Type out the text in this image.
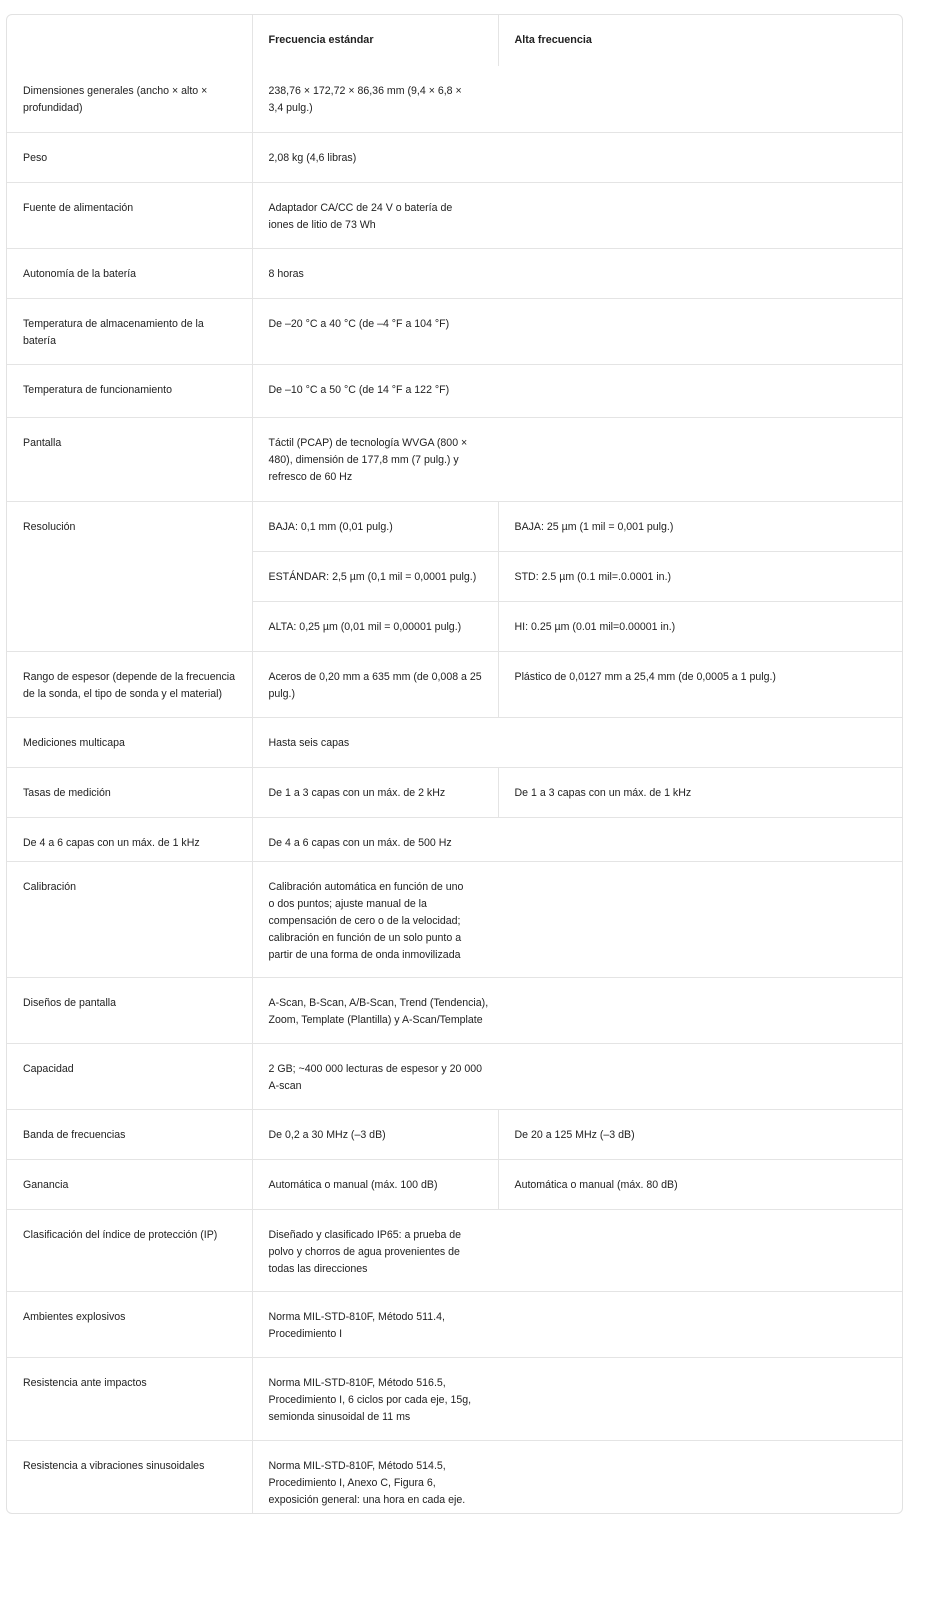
	Frecuencia estándar	Alta frecuencia
Dimensiones generales (ancho × alto × profundidad)	238,76 × 172,72 × 86,36 mm (9,4 × 6,8 × 3,4 pulg.)	
Peso	2,08 kg (4,6 libras)	
Fuente de alimentación	Adaptador CA/CC de 24 V o batería de iones de litio de 73 Wh	
Autonomía de la batería	8 horas	
Temperatura de almacenamiento de la batería	De –20 °C a 40 °C (de –4 °F a 104 °F)	
Temperatura de funcionamiento	De –10 °C a 50 °C (de 14 °F a 122 °F)	
Pantalla	Táctil (PCAP) de tecnología WVGA (800 × 480), dimensión de 177,8 mm (7 pulg.) y refresco de 60 Hz	
Resolución	BAJA: 0,1 mm (0,01 pulg.)	BAJA: 25 µm (1 mil = 0,001 pulg.)
	ESTÁNDAR: 2,5 µm (0,1 mil = 0,0001 pulg.)	STD: 2.5 µm (0.1 mil=.0.0001 in.)
	ALTA: 0,25 µm (0,01 mil = 0,00001 pulg.)	HI: 0.25 µm (0.01 mil=0.00001 in.)
Rango de espesor (depende de la frecuencia de la sonda, el tipo de sonda y el material)	Aceros de 0,20 mm a 635 mm (de 0,008 a 25 pulg.)	Plástico de 0,0127 mm a 25,4 mm (de 0,0005 a 1 pulg.)
Mediciones multicapa	Hasta seis capas	
Tasas de medición	De 1 a 3 capas con un máx. de 2 kHz	De 1 a 3 capas con un máx. de 1 kHz
De 4 a 6 capas con un máx. de 1 kHz	De 4 a 6 capas con un máx. de 500 Hz	
Calibración	Calibración automática en función de uno o dos puntos; ajuste manual de la compensación de cero o de la velocidad; calibración en función de un solo punto a partir de una forma de onda inmovilizada	
Diseños de pantalla	A-Scan, B-Scan, A/B-Scan, Trend (Tendencia), Zoom, Template (Plantilla) y A-Scan/Template	
Capacidad	2 GB; ~400 000 lecturas de espesor y 20 000 A-scan	
Banda de frecuencias	De 0,2 a 30 MHz (–3 dB)	De 20 a 125 MHz (–3 dB)
Ganancia	Automática o manual (máx. 100 dB)	Automática o manual (máx. 80 dB)
Clasificación del índice de protección (IP)	Diseñado y clasificado IP65: a prueba de polvo y chorros de agua provenientes de todas las direcciones	
Ambientes explosivos	Norma MIL-STD-810F, Método 511.4, Procedimiento I	
Resistencia ante impactos	Norma MIL-STD-810F, Método 516.5, Procedimiento I, 6 ciclos por cada eje, 15g, semionda sinusoidal de 11 ms	
Resistencia a vibraciones sinusoidales	Norma MIL-STD-810F, Método 514.5, Procedimiento I, Anexo C, Figura 6, exposición general: una hora en cada eje.	
